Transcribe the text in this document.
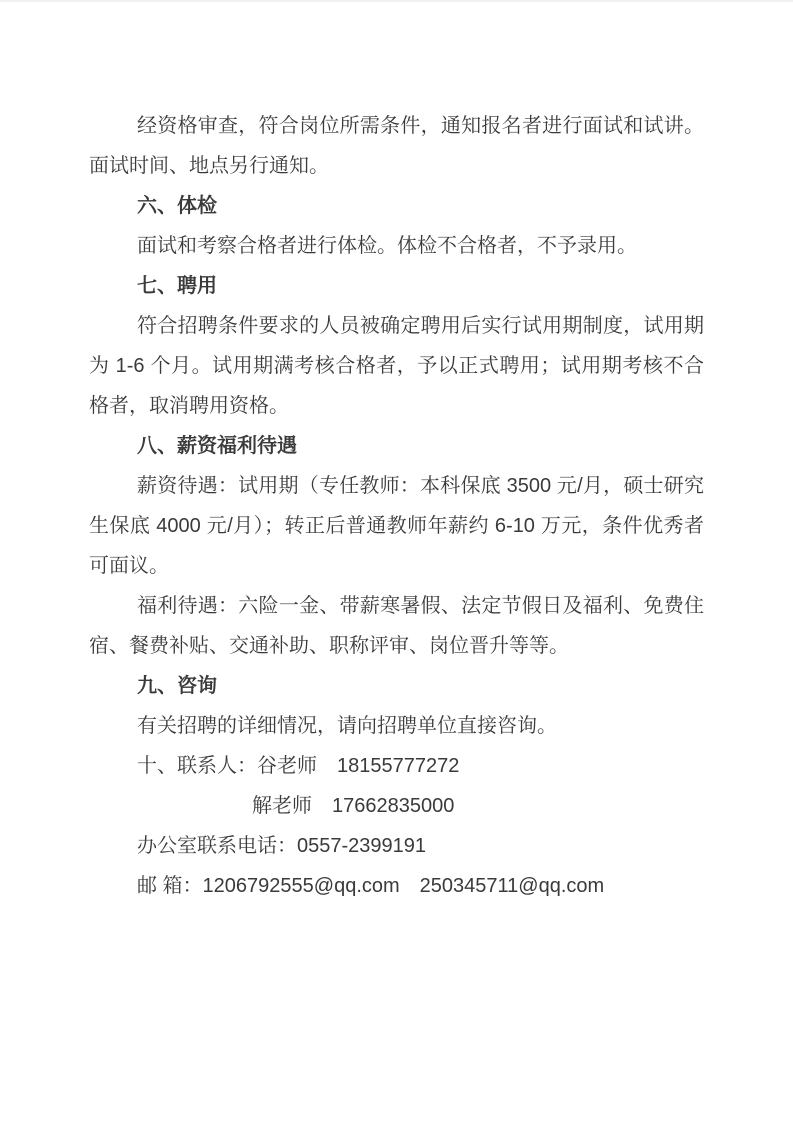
经资格审查，符合岗位所需条件，通知报名者进行面试和试讲。面试时间、地点另行通知。

六、体检

面试和考察合格者进行体检。体检不合格者，不予录用。

七、聘用

符合招聘条件要求的人员被确定聘用后实行试用期制度，试用期为 1-6 个月。试用期满考核合格者，予以正式聘用；试用期考核不合格者，取消聘用资格。

八、薪资福利待遇

薪资待遇：试用期（专任教师：本科保底 3500 元/月，硕士研究生保底 4000 元/月）；转正后普通教师年薪约 6-10 万元，条件优秀者可面议。

福利待遇：六险一金、带薪寒暑假、法定节假日及福利、免费住宿、餐费补贴、交通补助、职称评审、岗位晋升等等。

九、咨询

有关招聘的详细情况，请向招聘单位直接咨询。

十、联系人：谷老师　18155777272

解老师　17662835000

办公室联系电话：0557-2399191

邮 箱：1206792555@qq.com　250345711@qq.com
